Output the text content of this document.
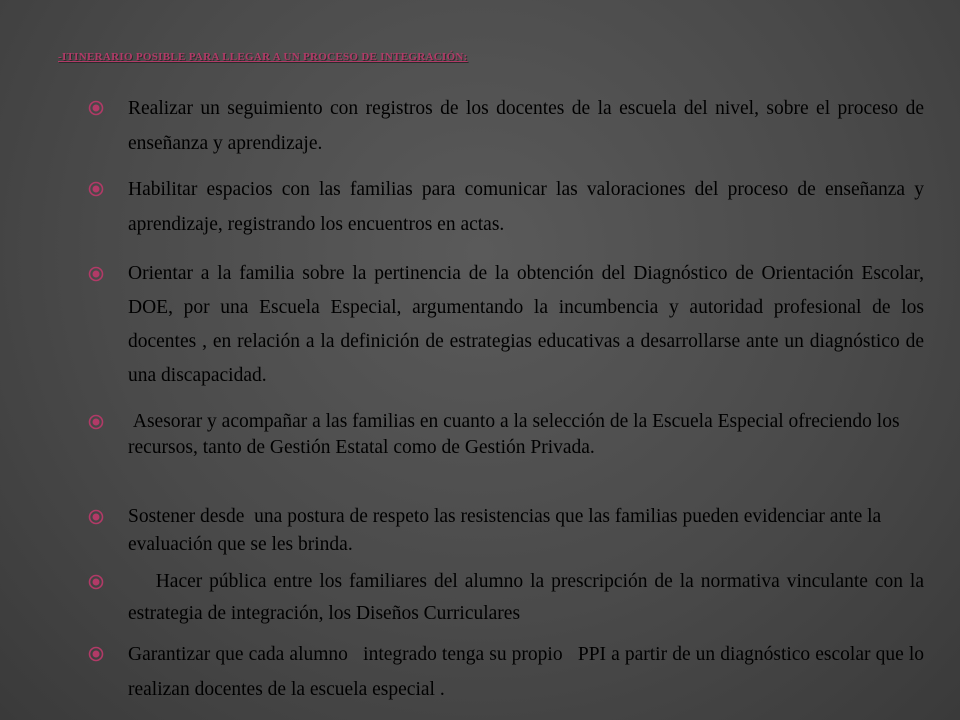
-ITINERARIO POSIBLE PARA LLEGAR A UN PROCESO DE INTEGRACIÓN:
Realizar un seguimiento con registros de los docentes de la escuela del nivel, sobre el proceso de enseñanza y aprendizaje.
Habilitar espacios con las familias para comunicar las valoraciones del proceso de enseñanza y aprendizaje, registrando los encuentros en actas.
Orientar a la familia sobre la pertinencia de la obtención del Diagnóstico de Orientación Escolar, DOE, por una Escuela Especial, argumentando la incumbencia y autoridad profesional de los docentes , en relación a la definición de estrategias educativas a desarrollarse ante un diagnóstico de una discapacidad.
Asesorar y acompañar a las familias en cuanto a la selección de la Escuela Especial ofreciendo los recursos, tanto de Gestión Estatal como de Gestión Privada.
Sostener desde  una postura de respeto las resistencias que las familias pueden evidenciar ante la evaluación que se les brinda.
Hacer pública entre los familiares del alumno la prescripción de la normativa vinculante con la estrategia de integración, los Diseños Curriculares
Garantizar que cada alumno   integrado tenga su propio   PPI a partir de un diagnóstico escolar que lo realizan docentes de la escuela especial .
